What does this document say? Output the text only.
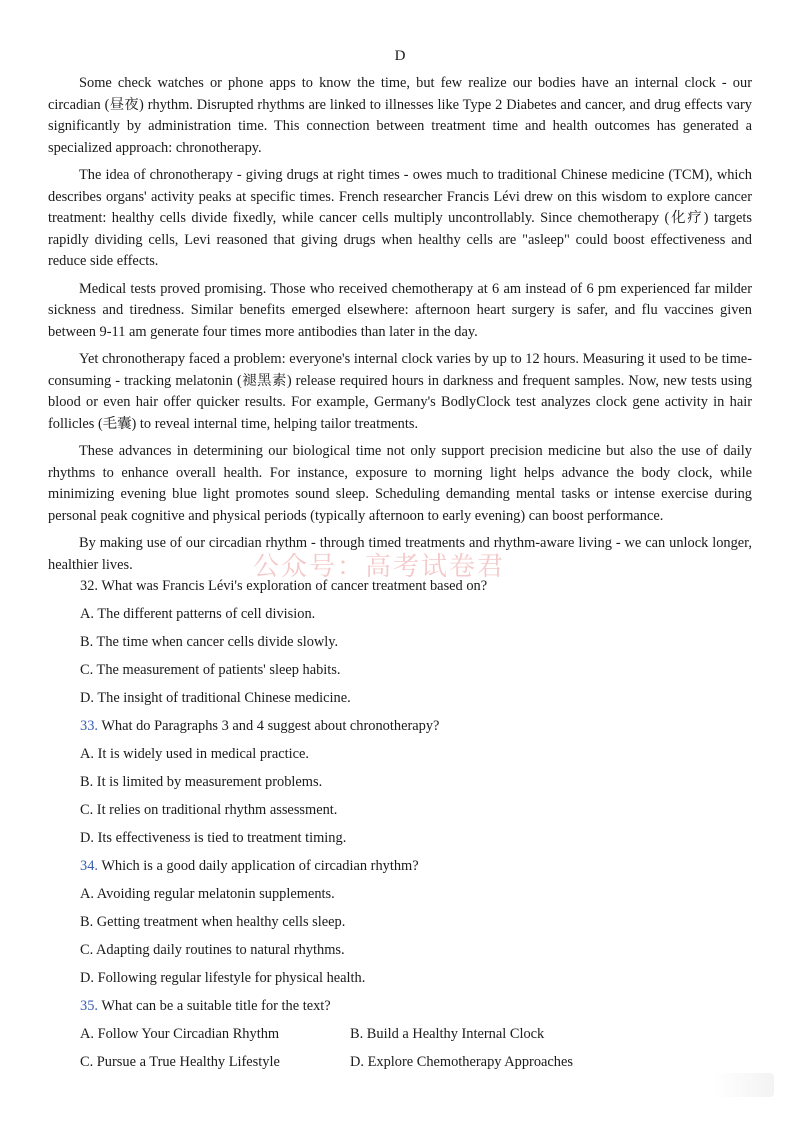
D

Some check watches or phone apps to know the time, but few realize our bodies have an internal clock - our circadian (昼夜) rhythm. Disrupted rhythms are linked to illnesses like Type 2 Diabetes and cancer, and drug effects vary significantly by administration time. This connection between treatment time and health outcomes has generated a specialized approach: chronotherapy.

The idea of chronotherapy - giving drugs at right times - owes much to traditional Chinese medicine (TCM), which describes organs' activity peaks at specific times. French researcher Francis Lévi drew on this wisdom to explore cancer treatment: healthy cells divide fixedly, while cancer cells multiply uncontrollably. Since chemotherapy (化疗) targets rapidly dividing cells, Levi reasoned that giving drugs when healthy cells are "asleep" could boost effectiveness and reduce side effects.

Medical tests proved promising. Those who received chemotherapy at 6 am instead of 6 pm experienced far milder sickness and tiredness. Similar benefits emerged elsewhere: afternoon heart surgery is safer, and flu vaccines given between 9-11 am generate four times more antibodies than later in the day.

Yet chronotherapy faced a problem: everyone's internal clock varies by up to 12 hours. Measuring it used to be time-consuming - tracking melatonin (褪黑素) release required hours in darkness and frequent samples. Now, new tests using blood or even hair offer quicker results. For example, Germany's BodlyClock test analyzes clock gene activity in hair follicles (毛囊) to reveal internal time, helping tailor treatments.

These advances in determining our biological time not only support precision medicine but also the use of daily rhythms to enhance overall health. For instance, exposure to morning light helps advance the body clock, while minimizing evening blue light promotes sound sleep. Scheduling demanding mental tasks or intense exercise during personal peak cognitive and physical periods (typically afternoon to early evening) can boost performance.

By making use of our circadian rhythm - through timed treatments and rhythm-aware living - we can unlock longer, healthier lives.	公众号：高考试卷君

32. What was Francis Lévi's exploration of cancer treatment based on?

A. The different patterns of cell division.

B. The time when cancer cells divide slowly.

C. The measurement of patients' sleep habits.

D. The insight of traditional Chinese medicine.

33. What do Paragraphs 3 and 4 suggest about chronotherapy?

A. It is widely used in medical practice.

B. It is limited by measurement problems.

C. It relies on traditional rhythm assessment.

D. Its effectiveness is tied to treatment timing.

34. Which is a good daily application of circadian rhythm?

A. Avoiding regular melatonin supplements.

B. Getting treatment when healthy cells sleep.

C. Adapting daily routines to natural rhythms.

D. Following regular lifestyle for physical health.

35. What can be a suitable title for the text?

A. Follow Your Circadian Rhythm	B. Build a Healthy Internal Clock

C. Pursue a True Healthy Lifestyle	D. Explore Chemotherapy Approaches
